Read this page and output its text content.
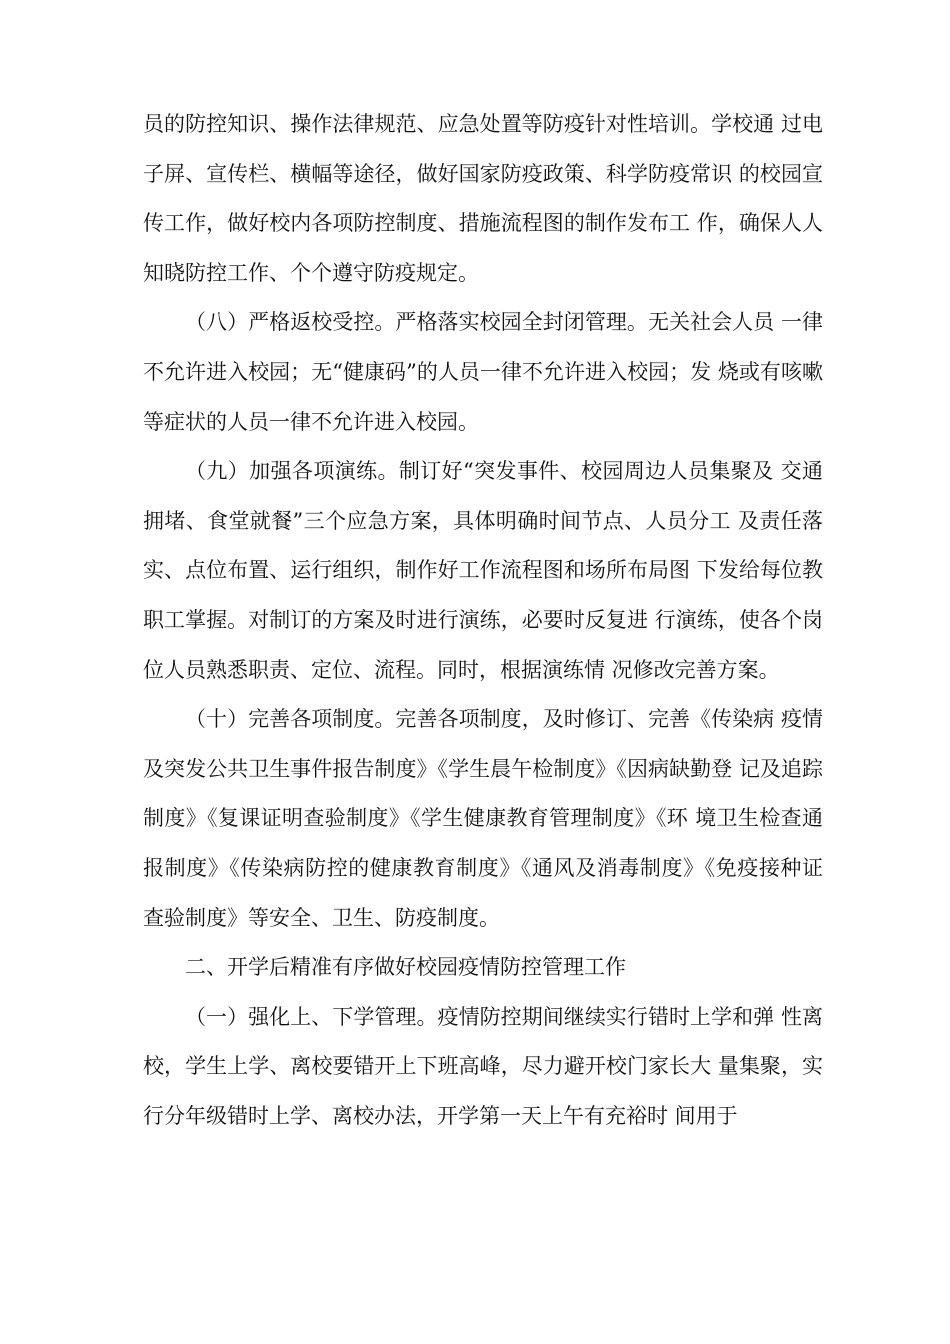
员的防控知识、操作法律规范、应急处置等防疫针对性培训。学校通 过电子屏、宣传栏、横幅等途径，做好国家防疫政策、科学防疫常识 的校园宣传工作，做好校内各项防控制度、措施流程图的制作发布工 作，确保人人知晓防控工作、个个遵守防疫规定。

（八）严格返校受控。严格落实校园全封闭管理。无关社会人员 一律不允许进入校园；无“健康码”的人员一律不允许进入校园；发 烧或有咳嗽等症状的人员一律不允许进入校园。

（九）加强各项演练。制订好“突发事件、校园周边人员集聚及 交通拥堵、食堂就餐”三个应急方案，具体明确时间节点、人员分工 及责任落实、点位布置、运行组织，制作好工作流程图和场所布局图 下发给每位教职工掌握。对制订的方案及时进行演练，必要时反复进 行演练，使各个岗位人员熟悉职责、定位、流程。同时，根据演练情 况修改完善方案。

（十）完善各项制度。完善各项制度，及时修订、完善《传染病 疫情及突发公共卫生事件报告制度》《学生晨午检制度》《因病缺勤登 记及追踪制度》《复课证明查验制度》《学生健康教育管理制度》《环 境卫生检查通报制度》《传染病防控的健康教育制度》《通风及消毒制度》《免疫接种证查验制度》等安全、卫生、防疫制度。

二、开学后精准有序做好校园疫情防控管理工作

（一）强化上、下学管理。疫情防控期间继续实行错时上学和弹 性离校，学生上学、离校要错开上下班高峰，尽力避开校门家长大 量集聚，实行分年级错时上学、离校办法，开学第一天上午有充裕时 间用于
